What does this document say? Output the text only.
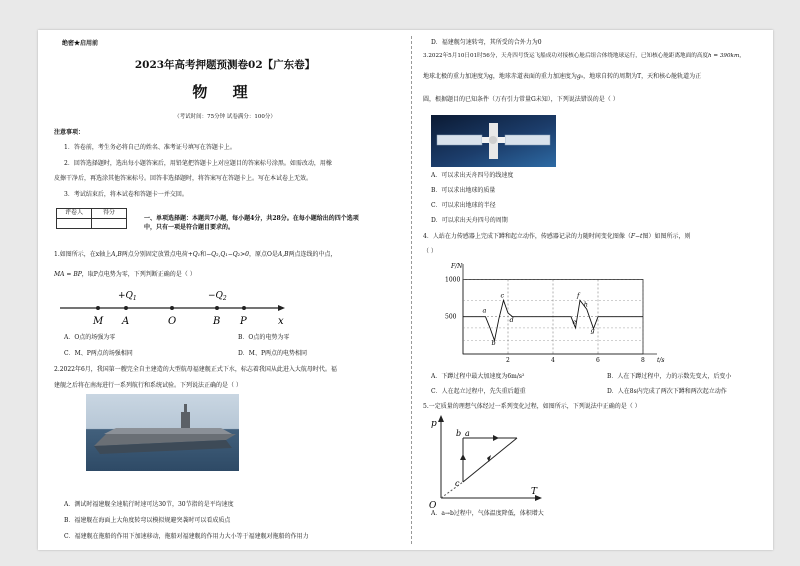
绝密★启用前

2023年高考押题预测卷02【广东卷】

物 理

（考试时间：75分钟 试卷满分：100分）

注意事项：

1．答卷前，考生务必将自己的姓名、准考证号填写在答题卡上。

2．回答选择题时，选出每小题答案后，用铅笔把答题卡上对应题目的答案标号涂黑。如需改动，用橡

皮擦干净后，再选涂其他答案标号。回答非选择题时，将答案写在答题卡上。写在本试卷上无效。

3．考试结束后，将本试卷和答题卡一并交回。

评卷人	得分

一、单项选择题：本题共7小题，每小题4分，共28分。在每小题给出的四个选项

中，只有一项是符合题目要求的。

1.如图所示，在x轴上A,B两点分别固定放置点电荷+Q₁和−Q₂,Q₁−Q₂>0，原点O是A,B两点连线的中点，

MA = BP，取P点电势为零，下列判断正确的是（ ）

$+Q_1$	$-Q_2$
M A	O	B P	x

A．O点的场强为零	B．O点的电势为零

C．M、P两点的场强相同	D．M、P两点的电势相同

2.2022年6月，我国第一艘完全自主建造的大型航母福建舰正式下水，标志着我国从此进入大航母时代。福

建舰之后将在南海进行一系列航行和系统试验。下列说法正确的是（ ）

A．测试时福建舰全速航行时速可达30节，30节指的是平均速度

B．福建舰在海面上大角度转弯以模拟规避突袭时可以看成质点

C．福建舰在拖船的作用下加速移动，拖船对福建舰的作用力大小等于福建舰对拖船的作用力

D．福建舰匀速转弯，其所受的合外力为0

3.2022年5月10日01时56分，天舟四号货运飞船成功对接核心舱后组合体绕地球运行，已知核心舱距离地面的高度h = 390km，

地球北极的重力加速度为g，地球赤道表面的重力加速度为g₀，地球自转的周期为T，天和核心舱轨道为正

圆，根据题目的已知条件（万有引力常量G未知），下列说法错误的是（ ）

A．可以求出天舟四号的线速度

B．可以求出地球的质量

C．可以求出地球的半径

D．可以求出天舟四号的周期

4．人站在力传感器上完成下蹲和起立动作，传感器记录的力随时间变化图像（F−t图）如图所示，则

（ ）

F/N
t/s
500
1000
2	4	6	8
a
b
c
d	e
f
g
h

A．下蹲过程中最大加速度为6m/s²	B．人在下蹲过程中，力的示数先变大，后变小

C．人在起立过程中，先失重后超重	D．人在8s内完成了两次下蹲和两次起立动作

5.一定质量的理想气体经过一系列变化过程，如图所示，下列说法中正确的是（ ）

p
T
O
a
b
c

A．a→b过程中，气体温度降低，体积增大
